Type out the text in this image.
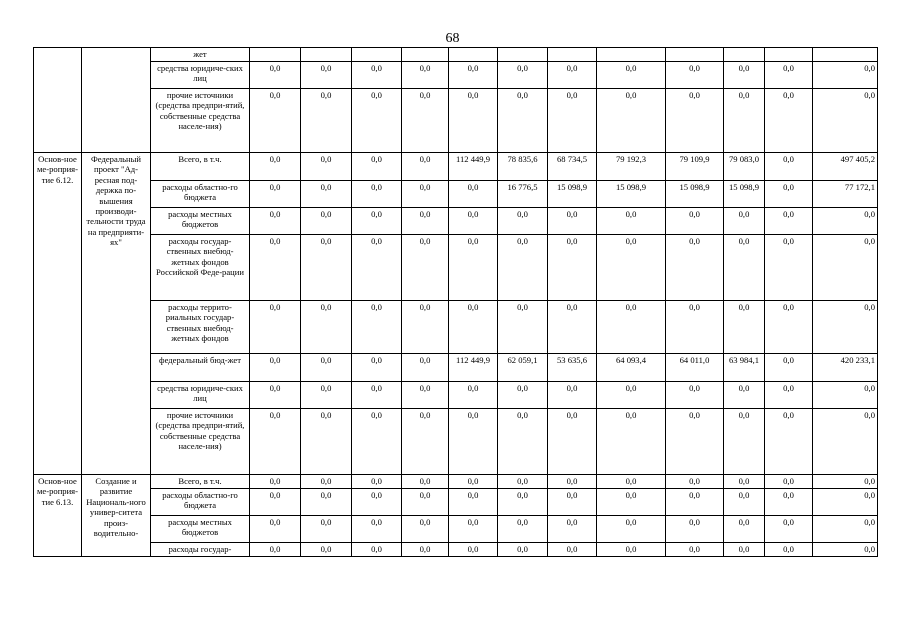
68
		жет												
		средства юридиче-ских лиц	0,0	0,0	0,0	0,0	0,0	0,0	0,0	0,0	0,0	0,0	0,0	0,0
		прочие источники (средства предпри-ятий, собственные средства населе-ния)	0,0	0,0	0,0	0,0	0,0	0,0	0,0	0,0	0,0	0,0	0,0	0,0
Основ-ное ме-роприя-тие 6.12.	Федеральный проект "Ад-ресная под-держка по-вышения производи-тельности труда на предприяти-ях"	Всего, в т.ч.	0,0	0,0	0,0	0,0	112 449,9	78 835,6	68 734,5	79 192,3	79 109,9	79 083,0	0,0	497 405,2
		расходы областно-го бюджета	0,0	0,0	0,0	0,0	0,0	16 776,5	15 098,9	15 098,9	15 098,9	15 098,9	0,0	77 172,1
		расходы местных бюджетов	0,0	0,0	0,0	0,0	0,0	0,0	0,0	0,0	0,0	0,0	0,0	0,0
		расходы государ-ственных внебюд-жетных фондов Российской Феде-рации	0,0	0,0	0,0	0,0	0,0	0,0	0,0	0,0	0,0	0,0	0,0	0,0
		расходы террито-риальных государ-ственных внебюд-жетных фондов	0,0	0,0	0,0	0,0	0,0	0,0	0,0	0,0	0,0	0,0	0,0	0,0
		федеральный бюд-жет	0,0	0,0	0,0	0,0	112 449,9	62 059,1	53 635,6	64 093,4	64 011,0	63 984,1	0,0	420 233,1
		средства юридиче-ских лиц	0,0	0,0	0,0	0,0	0,0	0,0	0,0	0,0	0,0	0,0	0,0	0,0
		прочие источники (средства предпри-ятий, собственные средства населе-ния)	0,0	0,0	0,0	0,0	0,0	0,0	0,0	0,0	0,0	0,0	0,0	0,0
Основ-ное ме-роприя-тие 6.13.	Создание и развитие Националь-ного универ-ситета произ-водительно-	Всего, в т.ч.	0,0	0,0	0,0	0,0	0,0	0,0	0,0	0,0	0,0	0,0	0,0	0,0
		расходы областно-го бюджета	0,0	0,0	0,0	0,0	0,0	0,0	0,0	0,0	0,0	0,0	0,0	0,0
		расходы местных бюджетов	0,0	0,0	0,0	0,0	0,0	0,0	0,0	0,0	0,0	0,0	0,0	0,0
		расходы государ-	0,0	0,0	0,0	0,0	0,0	0,0	0,0	0,0	0,0	0,0	0,0	0,0
